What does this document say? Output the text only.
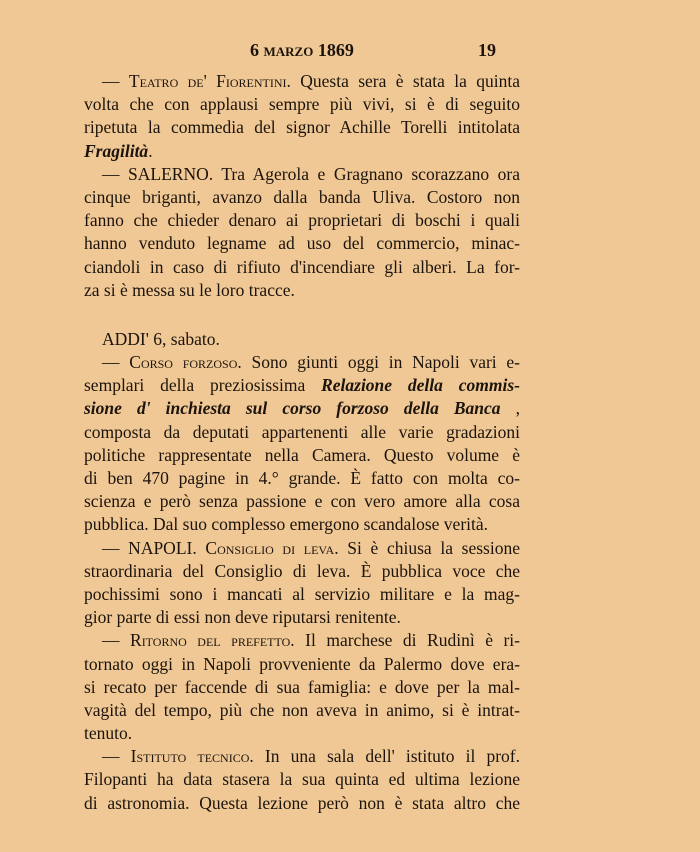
6 marzo 1869	19
— Teatro de' Fiorentini. Questa sera è stata la quinta
volta che con applausi sempre più vivi, si è di seguito
ripetuta la commedia del signor Achille Torelli intitolata
Fragilità.
— SALERNO. Tra Agerola e Gragnano scorazzano ora
cinque briganti, avanzo dalla banda Uliva. Costoro non
fanno che chieder denaro ai proprietari di boschi i quali
hanno venduto legname ad uso del commercio, minac-
ciandoli in caso di rifiuto d'incendiare gli alberi. La for-
za si è messa su le loro tracce.
ADDI' 6, sabato.
— Corso forzoso. Sono giunti oggi in Napoli vari e-
semplari della preziosissima Relazione della commis-
sione d' inchiesta sul corso forzoso della Banca ,
composta da deputati appartenenti alle varie gradazioni
politiche rappresentate nella Camera. Questo volume è
di ben 470 pagine in 4.° grande. È fatto con molta co-
scienza e però senza passione e con vero amore alla cosa
pubblica. Dal suo complesso emergono scandalose verità.
— NAPOLI. Consiglio di leva. Si è chiusa la sessione
straordinaria del Consiglio di leva. È pubblica voce che
pochissimi sono i mancati al servizio militare e la mag-
gior parte di essi non deve riputarsi renitente.
— Ritorno del prefetto. Il marchese di Rudinì è ri-
tornato oggi in Napoli provveniente da Palermo dove era-
si recato per faccende di sua famiglia: e dove per la mal-
vagità del tempo, più che non aveva in animo, si è intrat-
tenuto.
— Istituto tecnico. In una sala dell' istituto il prof.
Filopanti ha data stasera la sua quinta ed ultima lezione
di astronomia. Questa lezione però non è stata altro che
